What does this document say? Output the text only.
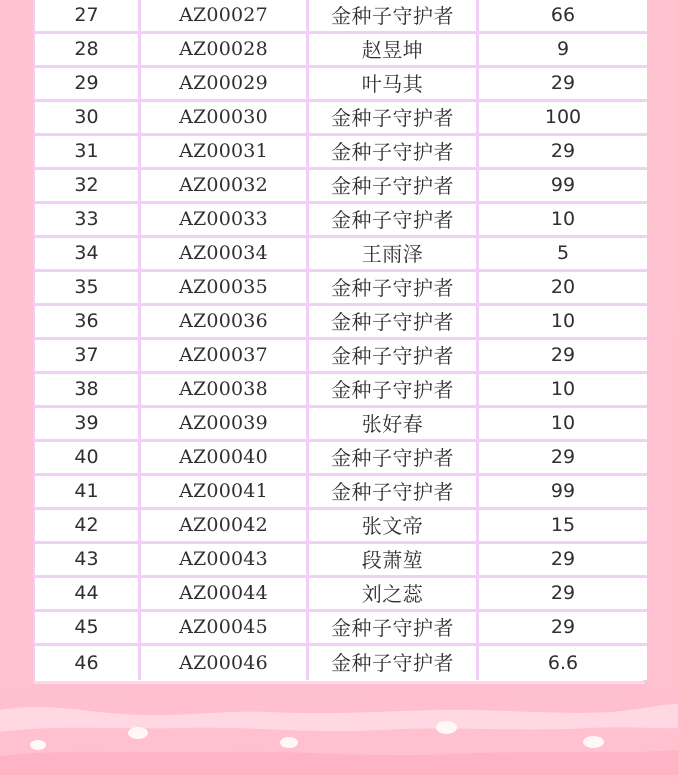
27	AZ00027	金种子守护者	66
28	AZ00028	赵昱坤	9
29	AZ00029	叶马其	29
30	AZ00030	金种子守护者	100
31	AZ00031	金种子守护者	29
32	AZ00032	金种子守护者	99
33	AZ00033	金种子守护者	10
34	AZ00034	王雨泽	5
35	AZ00035	金种子守护者	20
36	AZ00036	金种子守护者	10
37	AZ00037	金种子守护者	29
38	AZ00038	金种子守护者	10
39	AZ00039	张好春	10
40	AZ00040	金种子守护者	29
41	AZ00041	金种子守护者	99
42	AZ00042	张文帝	15
43	AZ00043	段萧堃	29
44	AZ00044	刘之蕊	29
45	AZ00045	金种子守护者	29
46	AZ00046	金种子守护者	6.6
